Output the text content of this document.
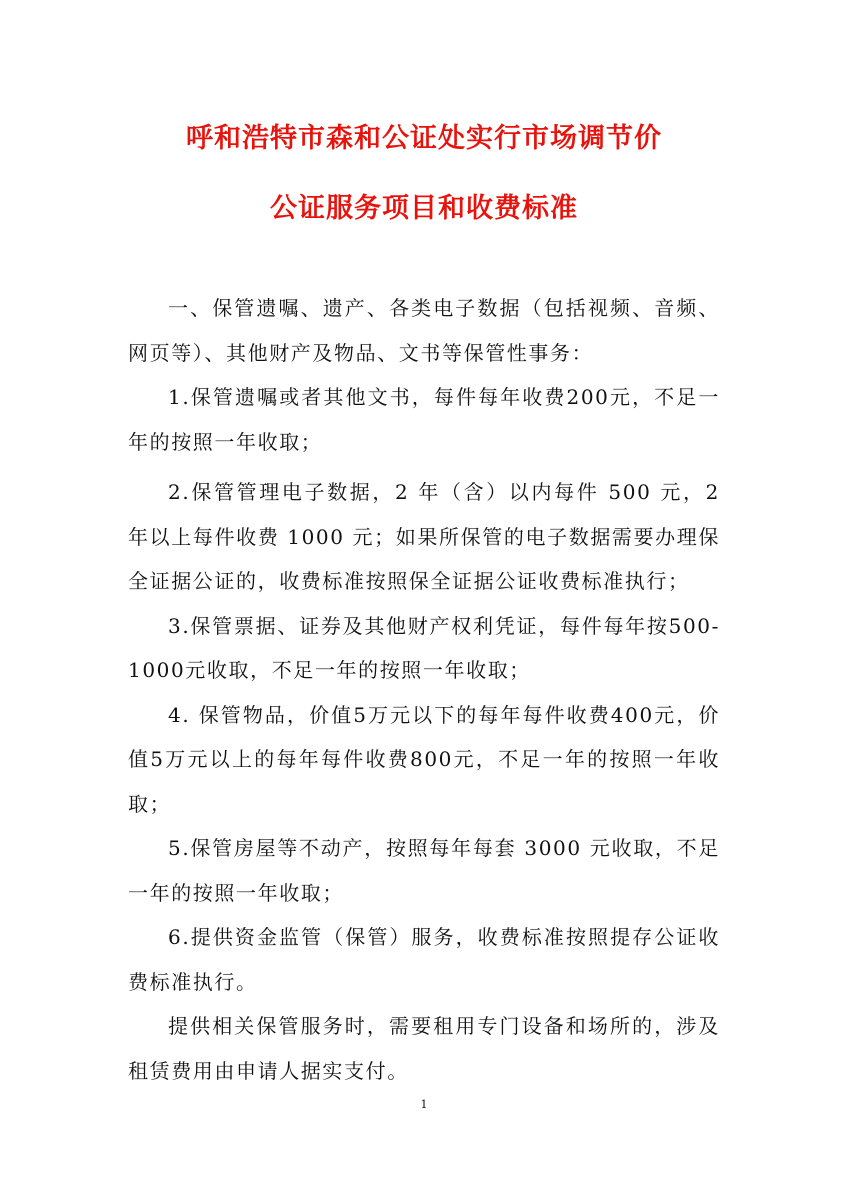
呼和浩特市森和公证处实行市场调节价
公证服务项目和收费标准

一、保管遗嘱、遗产、各类电子数据（包括视频、音频、网页等）、其他财产及物品、文书等保管性事务：

1.保管遗嘱或者其他文书，每件每年收费200元，不足一年的按照一年收取；

2.保管管理电子数据，2 年（含）以内每件 500 元，2 年以上每件收费 1000 元；如果所保管的电子数据需要办理保全证据公证的，收费标准按照保全证据公证收费标准执行；

3.保管票据、证券及其他财产权利凭证，每件每年按500-1000元收取，不足一年的按照一年收取；

4. 保管物品，价值5万元以下的每年每件收费400元，价值5万元以上的每年每件收费800元，不足一年的按照一年收取；

5.保管房屋等不动产，按照每年每套 3000 元收取，不足一年的按照一年收取；

6.提供资金监管（保管）服务，收费标准按照提存公证收费标准执行。

提供相关保管服务时，需要租用专门设备和场所的，涉及租赁费用由申请人据实支付。

1
